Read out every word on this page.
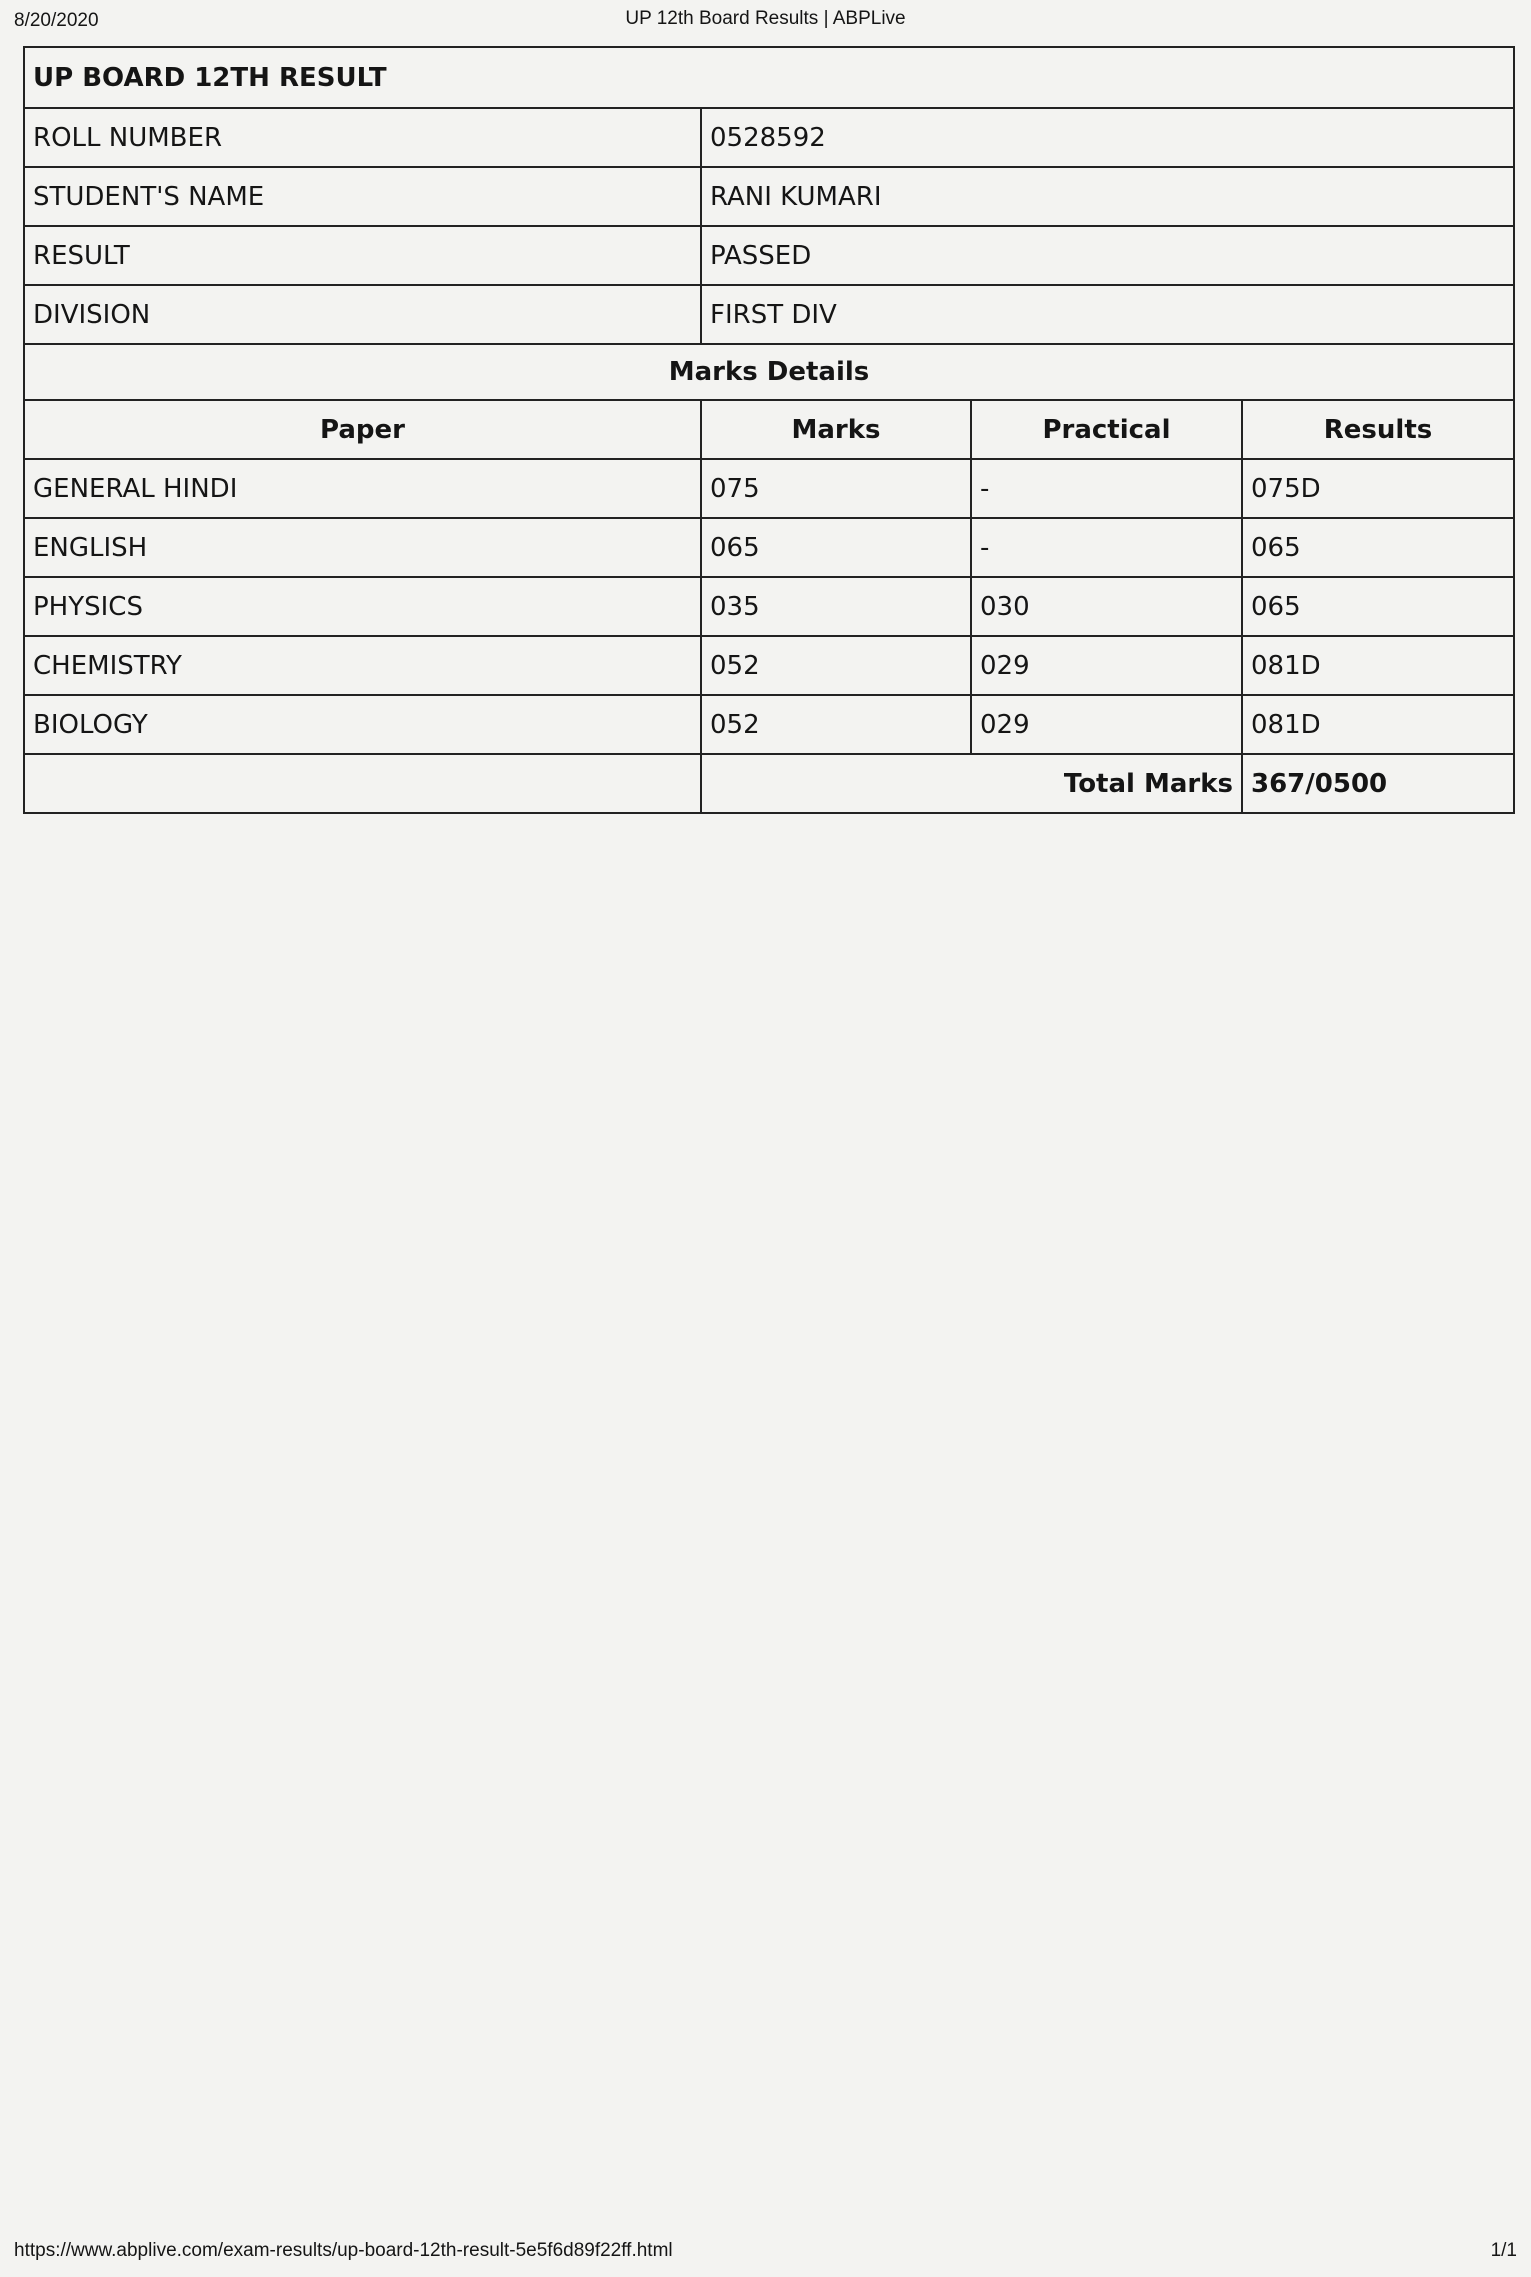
8/20/2020	UP 12th Board Results | ABPLive
UP BOARD 12TH RESULT			
ROLL NUMBER	0528592		
STUDENT'S NAME	RANI KUMARI		
RESULT	PASSED		
DIVISION	FIRST DIV		
Marks Details			
Paper	Marks	Practical	Results
GENERAL HINDI	075	-	075D
ENGLISH	065	-	065
PHYSICS	035	030	065
CHEMISTRY	052	029	081D
BIOLOGY	052	029	081D
	Total Marks		367/0500
https://www.abplive.com/exam-results/up-board-12th-result-5e5f6d89f22ff.html	1/1
